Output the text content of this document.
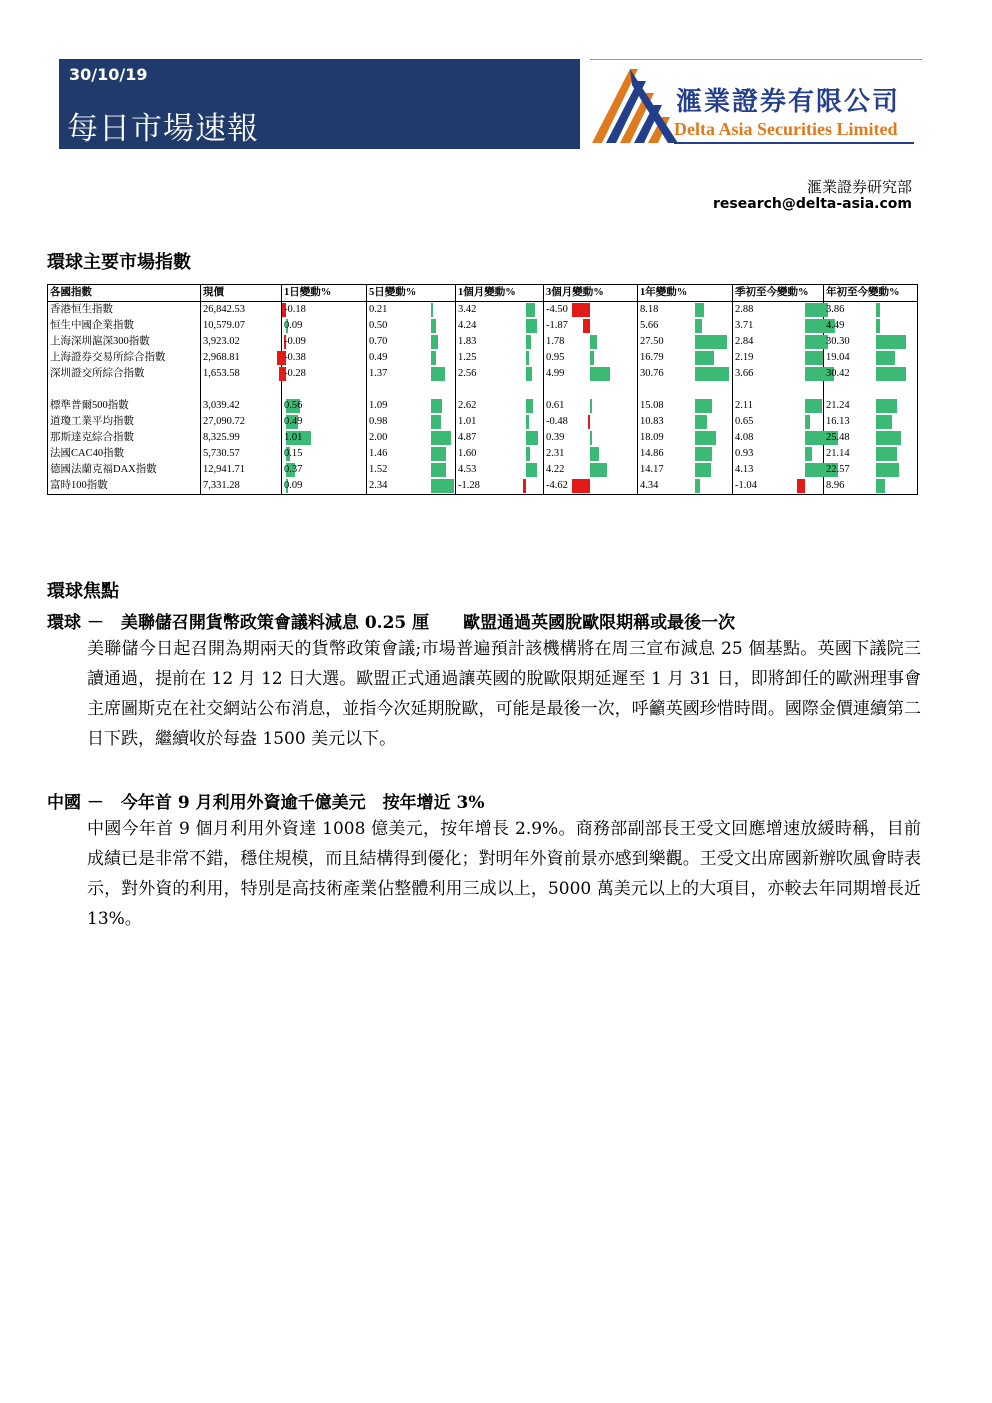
30/10/19
每日市場速報
滙業證券有限公司
Delta Asia Securities Limited
滙業證券研究部
research@delta-asia.com
環球主要市場指數
各國指數	現價	1日變動%	5日變動%	1個月變動%	3個月變動%	1年變動%	季初至今變動%	年初至今變動%
香港恒生指數	26,842.53	-0.18	0.21	3.42	-4.50	8.18	2.88	3.86
恒生中國企業指數	10,579.07	0.09	0.50	4.24	-1.87	5.66	3.71	4.49
上海深圳滬深300指數	3,923.02	-0.09	0.70	1.83	1.78	27.50	2.84	30.30
上海證券交易所綜合指數	2,968.81	-0.38	0.49	1.25	0.95	16.79	2.19	19.04
深圳證交所綜合指數	1,653.58	-0.28	1.37	2.56	4.99	30.76	3.66	30.42

標準普爾500指數	3,039.42	0.56	1.09	2.62	0.61	15.08	2.11	21.24
道瓊工業平均指數	27,090.72	0.49	0.98	1.01	-0.48	10.83	0.65	16.13
那斯達克綜合指數	8,325.99	1.01	2.00	4.87	0.39	18.09	4.08	25.48
法國CAC40指數	5,730.57	0.15	1.46	1.60	2.31	14.86	0.93	21.14
德國法蘭克福DAX指數	12,941.71	0.37	1.52	4.53	4.22	14.17	4.13	22.57
富時100指數	7,331.28	0.09	2.34	-1.28	-4.62	4.34	-1.04	8.96
環球焦點
環球 －　美聯儲召開貨幣政策會議料減息 0.25 厘　　歐盟通過英國脫歐限期稱或最後一次
美聯儲今日起召開為期兩天的貨幣政策會議;市場普遍預計該機構將在周三宣布減息 25 個基點。英國下議院三讀通過，提前在 12 月 12 日大選。歐盟正式通過讓英國的脫歐限期延遲至 1 月 31 日，即將卸任的歐洲理事會主席圖斯克在社交網站公布消息，並指今次延期脫歐，可能是最後一次，呼籲英國珍惜時間。國際金價連續第二日下跌，繼續收於每盎 1500 美元以下。
中國 －　今年首 9 月利用外資逾千億美元　按年增近 3%
中國今年首 9 個月利用外資達 1008 億美元，按年增長 2.9%。商務部副部長王受文回應增速放緩時稱，目前成績已是非常不錯，穩住規模，而且結構得到優化；對明年外資前景亦感到樂觀。王受文出席國新辦吹風會時表示，對外資的利用，特別是高技術產業佔整體利用三成以上，5000 萬美元以上的大項目，亦較去年同期增長近 13%。
